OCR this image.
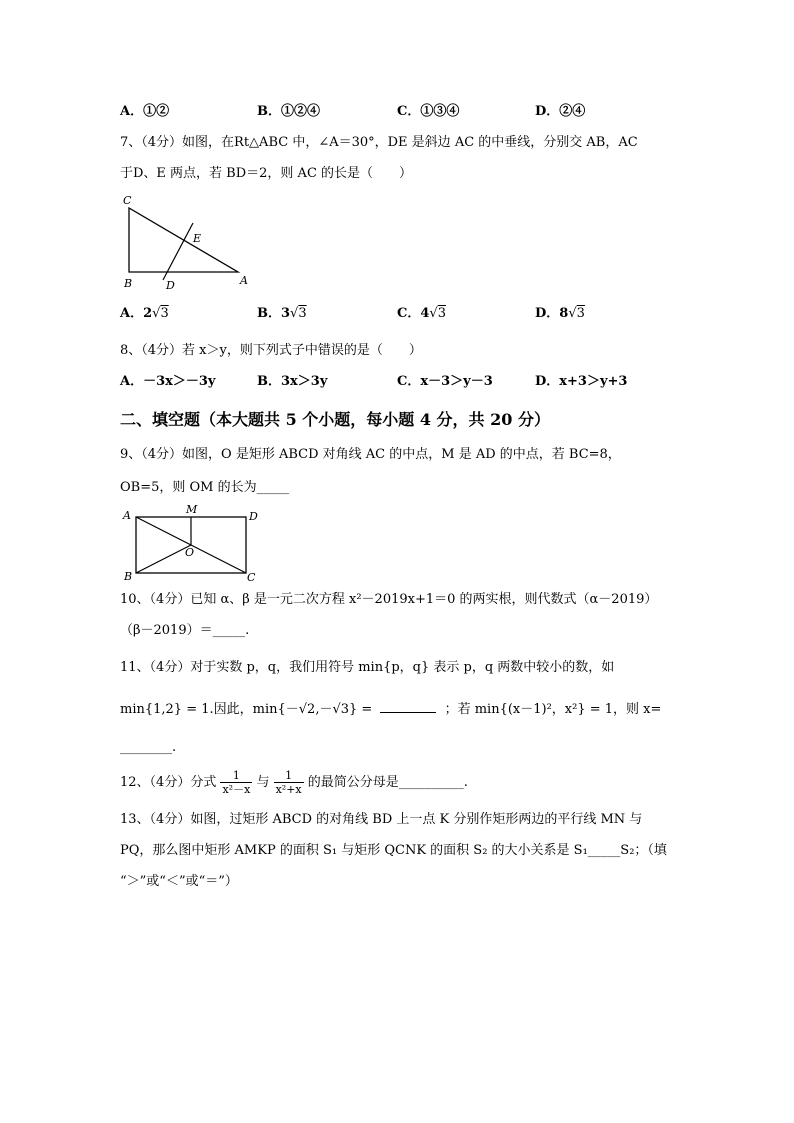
A．①②	B．①②④	C．①③④	D．②④
7、（4分）如图，在Rt△ABC 中，∠A＝30°，DE 是斜边 AC 的中垂线，分别交 AB，AC
于D、E 两点，若 BD＝2，则 AC 的长是（　　）
C
E
B	D	A
A．2√3	B．3√3	C．4√3	D．8√3
8、（4分）若 x＞y，则下列式子中错误的是（　　）
A．－3x＞－3y	B．3x＞3y	C．x－3＞y－3	D．x+3＞y+3
二、填空题（本大题共 5 个小题，每小题 4 分，共 20 分）
9、（4分）如图，O 是矩形 ABCD 对角线 AC 的中点，M 是 AD 的中点，若 BC=8，
OB=5，则 OM 的长为_____
A	M
D
O
B	C
10、（4分）已知 α、β 是一元二次方程 x²－2019x+1＝0 的两实根，则代数式（α－2019）
（β－2019）＝_____.
11、（4分）对于实数 p，q，我们用符号 min{p，q} 表示 p，q 两数中较小的数，如
min{1,2} = 1.因此，min{－√2,－√3} =	；若 min{(x－1)²，x²} = 1，则 x=
________.
12、（4分）分式 $\frac{1}{\text{x²－x}}$ 与 $\frac{1}{\text{x²+x}}$ 的最简公分母是__________.
13、（4分）如图，过矩形 ABCD 的对角线 BD 上一点 K 分别作矩形两边的平行线 MN 与
PQ，那么图中矩形 AMKP 的面积 S₁ 与矩形 QCNK 的面积 S₂ 的大小关系是 S₁_____S₂；（填
“＞”或“＜”或“＝”）
